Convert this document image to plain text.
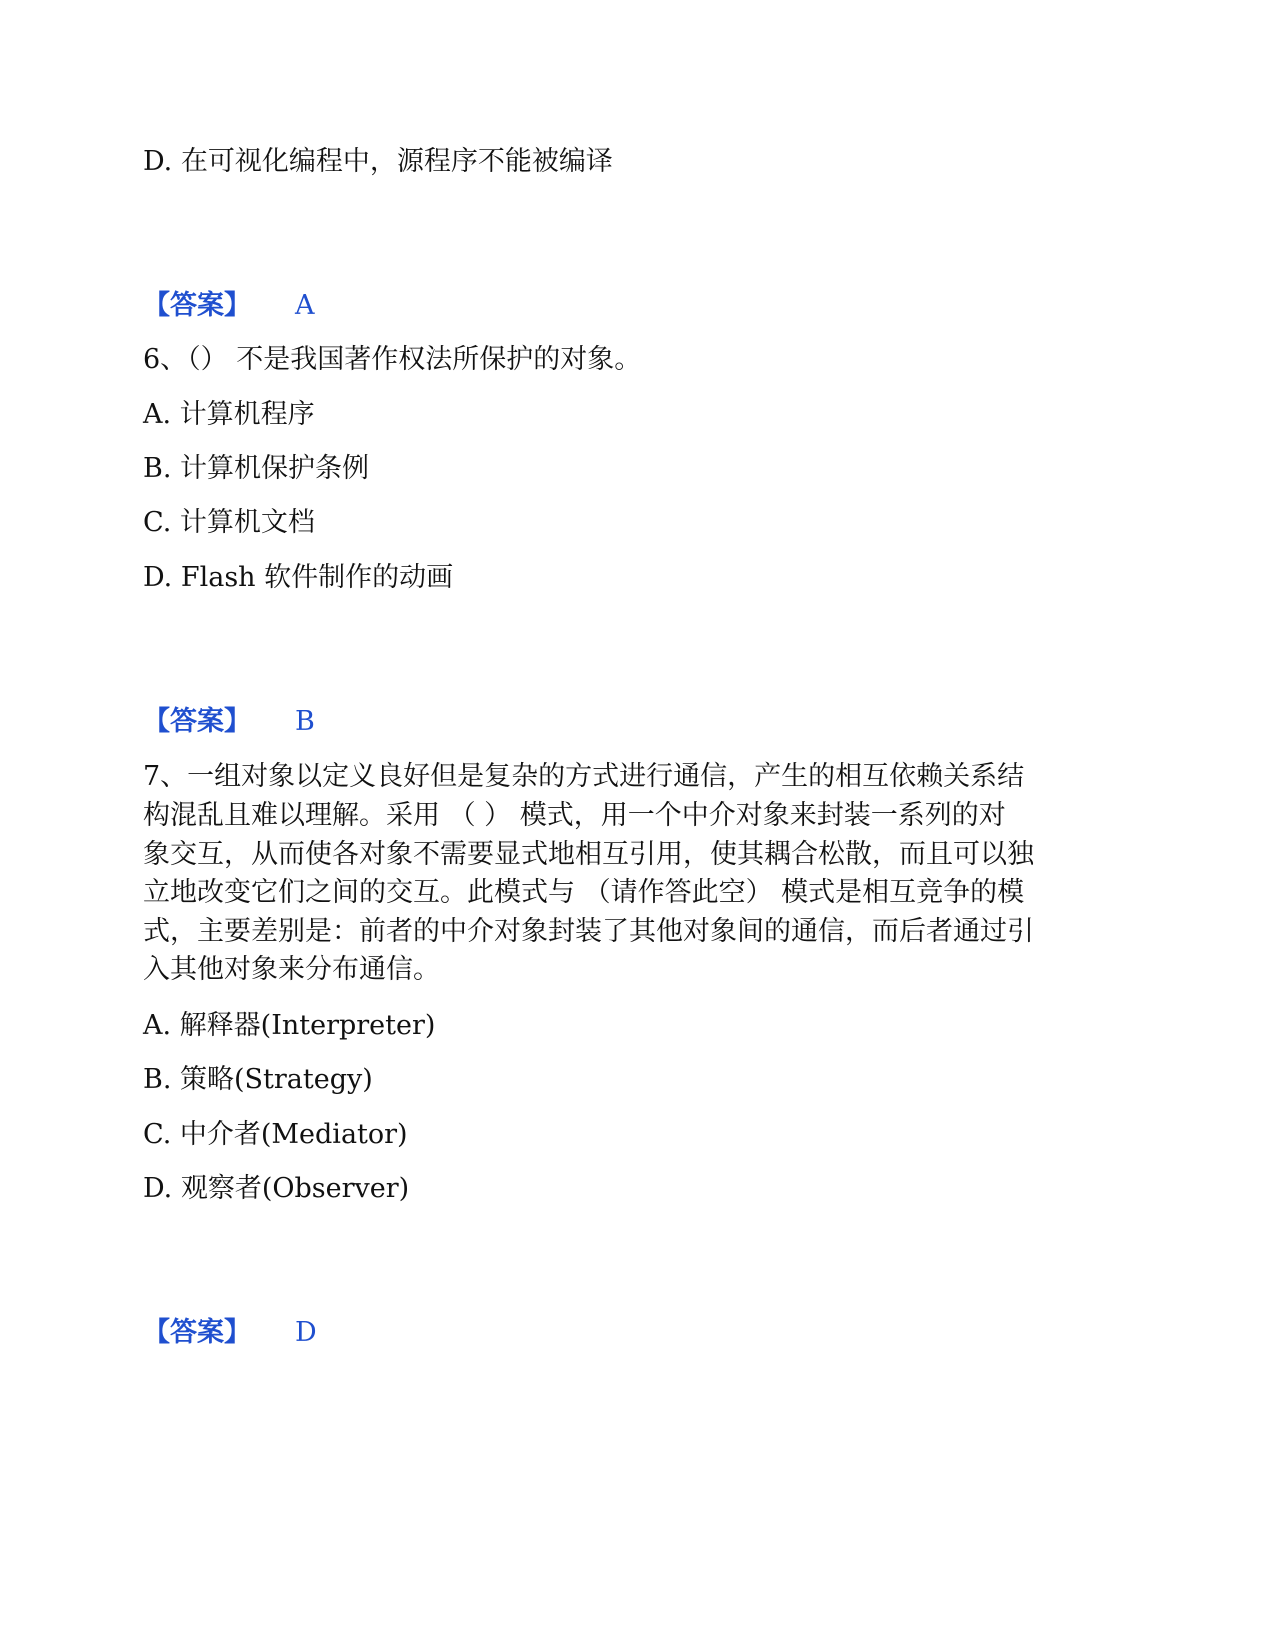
D. 在可视化编程中，源程序不能被编译
【答案】 A
6、（） 不是我国著作权法所保护的对象。
A. 计算机程序
B. 计算机保护条例
C. 计算机文档
D. Flash 软件制作的动画
【答案】 B
7、一组对象以定义良好但是复杂的方式进行通信，产生的相互依赖关系结
构混乱且难以理解。采用 （ ） 模式，用一个中介对象来封装一系列的对
象交互，从而使各对象不需要显式地相互引用，使其耦合松散，而且可以独
立地改变它们之间的交互。此模式与 （请作答此空） 模式是相互竞争的模
式，主要差别是：前者的中介对象封装了其他对象间的通信，而后者通过引
入其他对象来分布通信。
A. 解释器(Interpreter)
B. 策略(Strategy)
C. 中介者(Mediator)
D. 观察者(Observer)
【答案】 D
